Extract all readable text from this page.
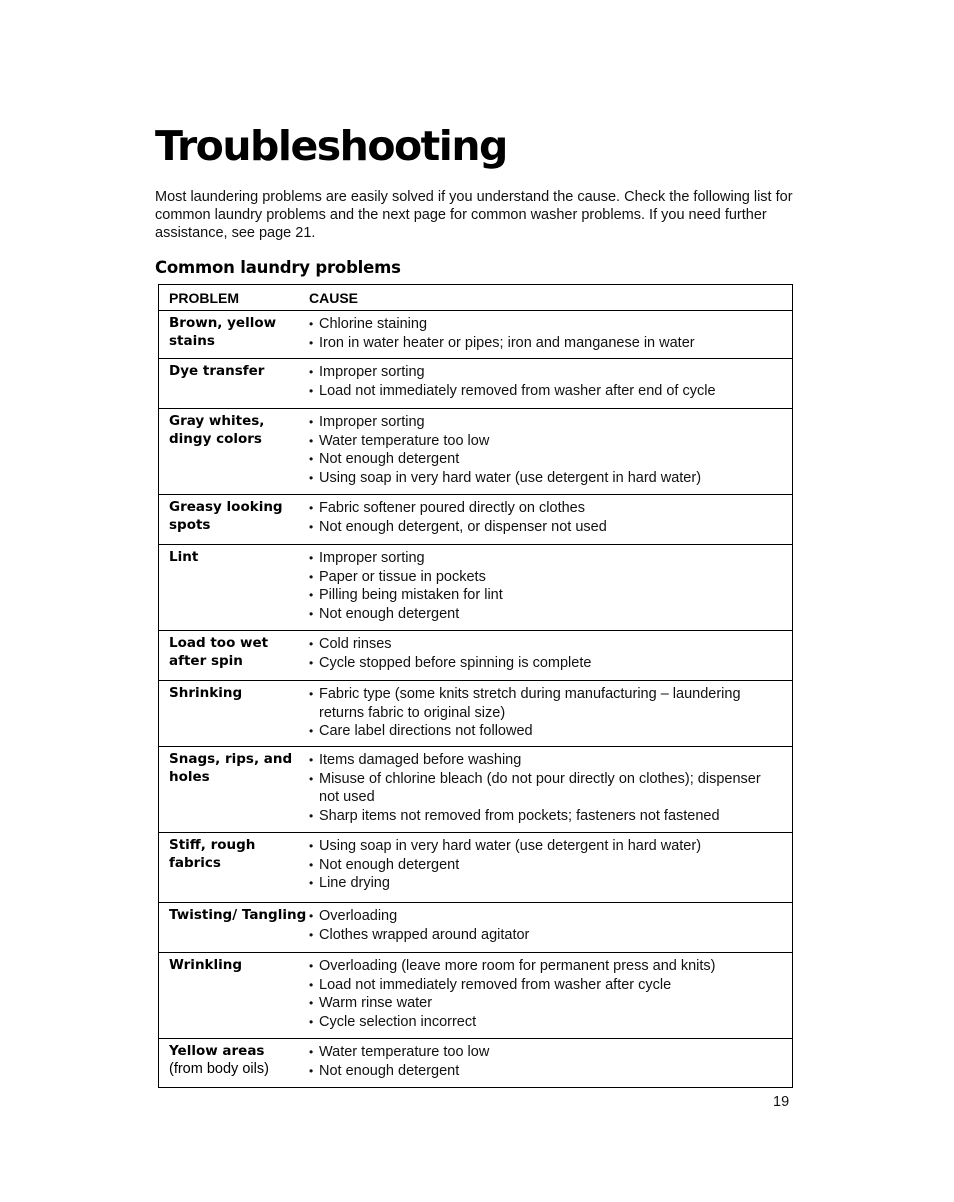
Troubleshooting

Most laundering problems are easily solved if you understand the cause. Check the following list for common laundry problems and the next page for common washer problems. If you need further assistance, see page 21.

Common laundry problems
PROBLEM	CAUSE
Brown, yellow stains
• Chlorine staining
• Iron in water heater or pipes; iron and manganese in water
Dye transfer	• Improper sorting
• Load not immediately removed from washer after end of cycle
Gray whites, dingy colors
• Improper sorting
• Water temperature too low
• Not enough detergent
• Using soap in very hard water (use detergent in hard water)
Greasy looking spots
• Fabric softener poured directly on clothes
• Not enough detergent, or dispenser not used
Lint	• Improper sorting
• Paper or tissue in pockets
• Pilling being mistaken for lint
• Not enough detergent
Load too wet after spin
• Cold rinses
• Cycle stopped before spinning is complete
Shrinking	• Fabric type (some knits stretch during manufacturing – laundering returns fabric to original size)
• Care label directions not followed
Snags, rips, and holes
• Items damaged before washing
• Misuse of chlorine bleach (do not pour directly on clothes); dispenser not used
• Sharp items not removed from pockets; fasteners not fastened
Stiff, rough fabrics
• Using soap in very hard water (use detergent in hard water)
• Not enough detergent
• Line drying
Twisting/ Tangling • Overloading
• Clothes wrapped around agitator
Wrinkling	• Overloading (leave more room for permanent press and knits)
• Load not immediately removed from washer after cycle
• Warm rinse water
• Cycle selection incorrect
Yellow areas
(from body oils)
• Water temperature too low
• Not enough detergent
19
